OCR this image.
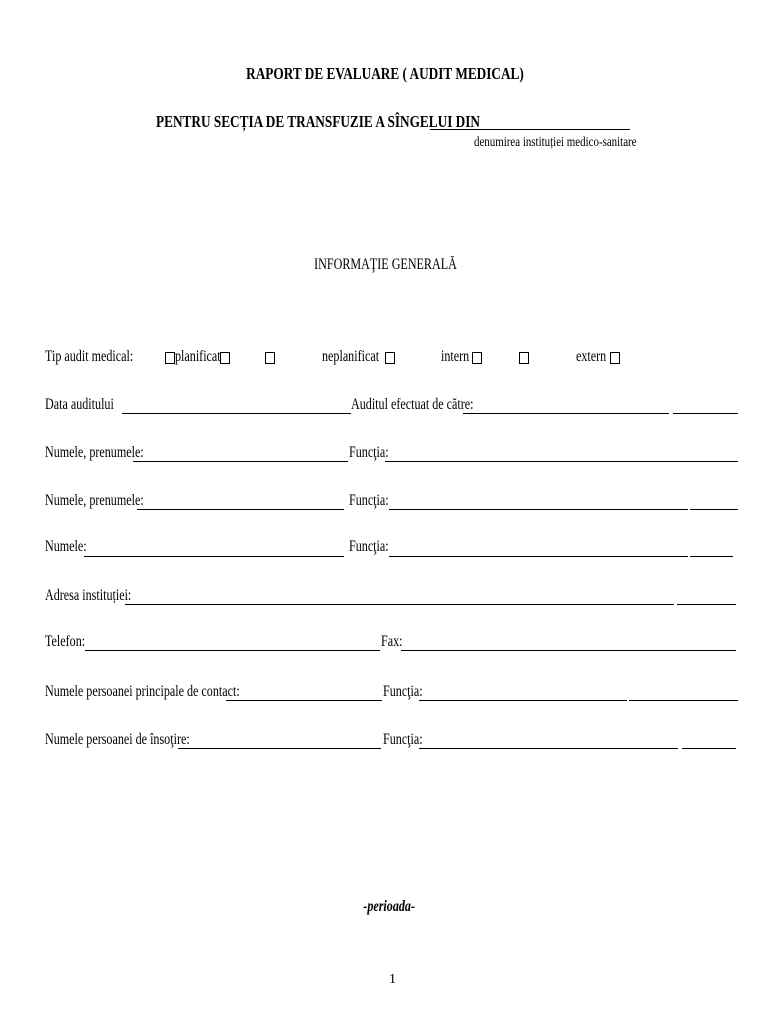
RAPORT DE EVALUARE ( AUDIT MEDICAL)
PENTRU SECȚIA DE TRANSFUZIE A SÎNGELUI DIN
denumirea instituției medico-sanitare
INFORMAŢIE GENERALĂ
Tip audit medical:	planificat	neplanificat	intern	extern
Data auditului	Auditul efectuat de către:
Numele, prenumele:	Funcţia:
Numele, prenumele:	Funcţia:
Numele:	Funcţia:
Adresa instituției:
Telefon:	Fax:
Numele persoanei principale de contact:	Funcţia:
Numele persoanei de însoţire:	Funcţia:
-perioada-
1
